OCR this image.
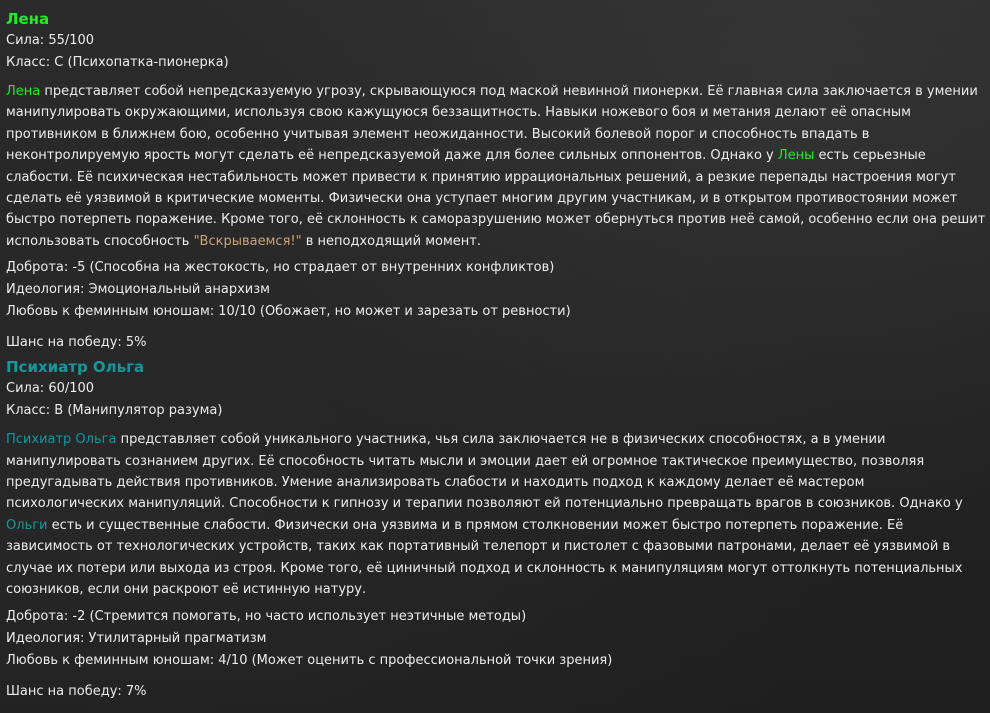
Лена
Сила: 55/100
Класс: C (Психопатка-пионерка)
Лена представляет собой непредсказуемую угрозу, скрывающуюся под маской невинной пионерки. Её главная сила заключается в умении манипулировать окружающими, используя свою кажущуюся беззащитность. Навыки ножевого боя и метания делают её опасным противником в ближнем бою, особенно учитывая элемент неожиданности. Высокий болевой порог и способность впадать в неконтролируемую ярость могут сделать её непредсказуемой даже для более сильных оппонентов. Однако у Лены есть серьезные слабости. Её психическая нестабильность может привести к принятию иррациональных решений, а резкие перепады настроения могут сделать её уязвимой в критические моменты. Физически она уступает многим другим участникам, и в открытом противостоянии может быстро потерпеть поражение. Кроме того, её склонность к саморазрушению может обернуться против неё самой, особенно если она решит использовать способность "Вскрываемся!" в неподходящий момент.
Доброта: -5 (Способна на жестокость, но страдает от внутренних конфликтов)
Идеология: Эмоциональный анархизм
Любовь к феминным юношам: 10/10 (Обожает, но может и зарезать от ревности)
Шанс на победу: 5%
Психиатр Ольга
Сила: 60/100
Класс: B (Манипулятор разума)
Психиатр Ольга представляет собой уникального участника, чья сила заключается не в физических способностях, а в умении манипулировать сознанием других. Её способность читать мысли и эмоции дает ей огромное тактическое преимущество, позволяя предугадывать действия противников. Умение анализировать слабости и находить подход к каждому делает её мастером психологических манипуляций. Способности к гипнозу и терапии позволяют ей потенциально превращать врагов в союзников. Однако у Ольги есть и существенные слабости. Физически она уязвима и в прямом столкновении может быстро потерпеть поражение. Её зависимость от технологических устройств, таких как портативный телепорт и пистолет с фазовыми патронами, делает её уязвимой в случае их потери или выхода из строя. Кроме того, её циничный подход и склонность к манипуляциям могут оттолкнуть потенциальных союзников, если они раскроют её истинную натуру.
Доброта: -2 (Стремится помогать, но часто использует неэтичные методы)
Идеология: Утилитарный прагматизм
Любовь к феминным юношам: 4/10 (Может оценить с профессиональной точки зрения)
Шанс на победу: 7%
